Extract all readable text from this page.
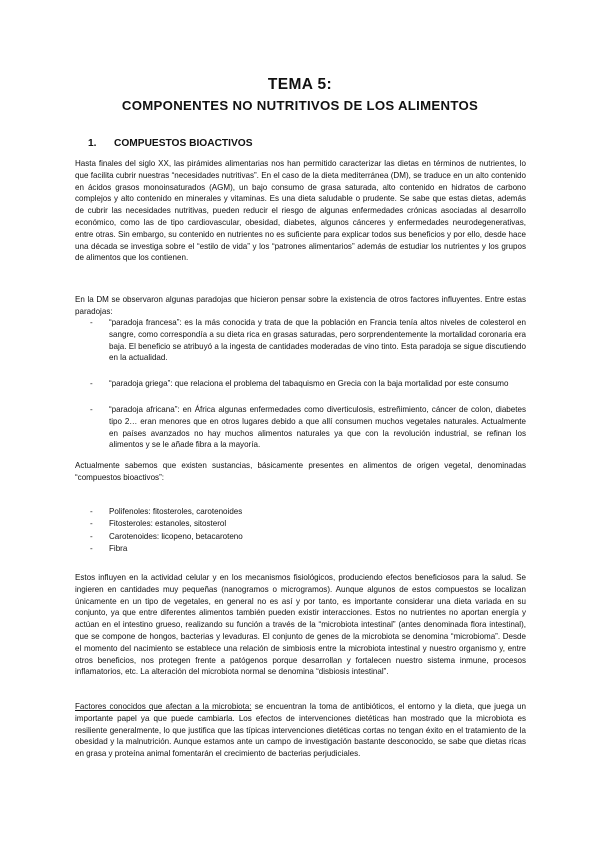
TEMA 5:
COMPONENTES NO NUTRITIVOS DE LOS ALIMENTOS
1. COMPUESTOS BIOACTIVOS

Hasta finales del siglo XX, las pirámides alimentarias nos han permitido caracterizar las dietas en términos de nutrientes, lo que facilita cubrir nuestras “necesidades nutritivas”. En el caso de la dieta mediterránea (DM), se traduce en un alto contenido en ácidos grasos monoinsaturados (AGM), un bajo consumo de grasa saturada, alto contenido en hidratos de carbono complejos y alto contenido en minerales y vitaminas. Es una dieta saludable o prudente. Se sabe que estas dietas, además de cubrir las necesidades nutritivas, pueden reducir el riesgo de algunas enfermedades crónicas asociadas al desarrollo económico, como las de tipo cardiovascular, obesidad, diabetes, algunos cánceres y enfermedades neurodegenerativas, entre otras. Sin embargo, su contenido en nutrientes no es suficiente para explicar todos sus beneficios y por ello, desde hace una década se investiga sobre el “estilo de vida” y los “patrones alimentarios” además de estudiar los nutrientes y los grupos de alimentos que los contienen.

En la DM se observaron algunas paradojas que hicieron pensar sobre la existencia de otros factores influyentes. Entre estas paradojas:

- “paradoja francesa”: es la más conocida y trata de que la población en Francia tenía altos niveles de colesterol en sangre, como correspondía a su dieta rica en grasas saturadas, pero sorprendentemente la mortalidad coronaria era baja. El beneficio se atribuyó a la ingesta de cantidades moderadas de vino tinto. Esta paradoja se sigue discutiendo en la actualidad.
- “paradoja griega”: que relaciona el problema del tabaquismo en Grecia con la baja mortalidad por este consumo
- “paradoja africana”: en África algunas enfermedades como diverticulosis, estreñimiento, cáncer de colon, diabetes tipo 2… eran menores que en otros lugares debido a que allí consumen muchos vegetales naturales. Actualmente en países avanzados no hay muchos alimentos naturales ya que con la revolución industrial, se refinan los alimentos y se le añade fibra a la mayoría.

Actualmente sabemos que existen sustancias, básicamente presentes en alimentos de origen vegetal, denominadas “compuestos bioactivos”:

- Polifenoles: fitosteroles, carotenoides
- Fitosteroles: estanoles, sitosterol
- Carotenoides: licopeno, betacaroteno
- Fibra

Estos influyen en la actividad celular y en los mecanismos fisiológicos, produciendo efectos beneficiosos para la salud. Se ingieren en cantidades muy pequeñas (nanogramos o microgramos). Aunque algunos de estos compuestos se localizan únicamente en un tipo de vegetales, en general no es así y por tanto, es importante considerar una dieta variada en su conjunto, ya que entre diferentes alimentos también pueden existir interacciones. Estos no nutrientes no aportan energía y actúan en el intestino grueso, realizando su función a través de la “microbiota intestinal” (antes denominada flora intestinal), que se compone de hongos, bacterias y levaduras. El conjunto de genes de la microbiota se denomina “microbioma”. Desde el momento del nacimiento se establece una relación de simbiosis entre la microbiota intestinal y nuestro organismo y, entre otros beneficios, nos protegen frente a patógenos porque desarrollan y fortalecen nuestro sistema inmune, procesos inflamatorios, etc. La alteración del microbiota normal se denomina “disbiosis intestinal”.

Factores conocidos que afectan a la microbiota: se encuentran la toma de antibióticos, el entorno y la dieta, que juega un importante papel ya que puede cambiarla. Los efectos de intervenciones dietéticas han mostrado que la microbiota es resiliente generalmente, lo que justifica que las típicas intervenciones dietéticas cortas no tengan éxito en el tratamiento de la obesidad y la malnutrición. Aunque estamos ante un campo de investigación bastante desconocido, se sabe que dietas ricas en grasa y proteína animal fomentarán el crecimiento de bacterias perjudiciales.
